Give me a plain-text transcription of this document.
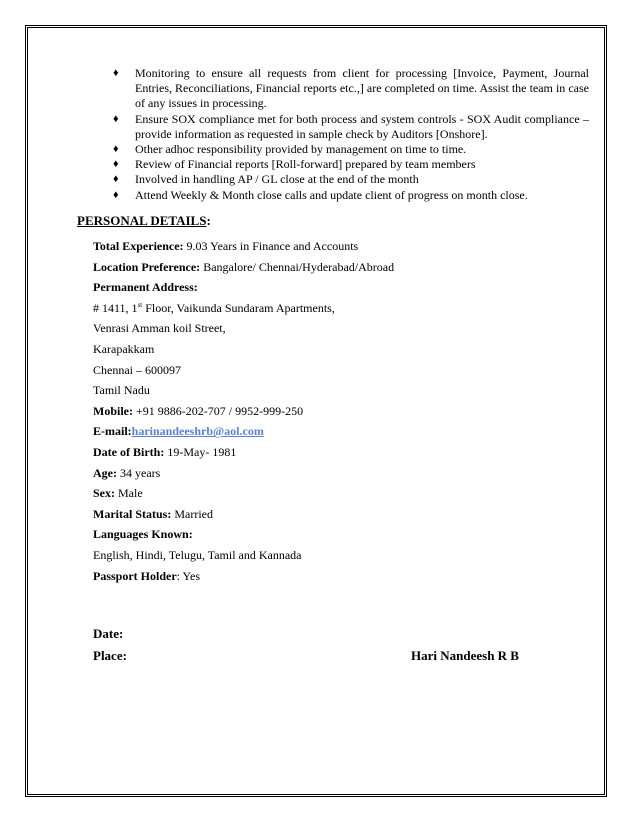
♦ Monitoring to ensure all requests from client for processing [Invoice, Payment, Journal Entries, Reconciliations, Financial reports etc.,] are completed on time. Assist the team in case of any issues in processing.
♦ Ensure SOX compliance met for both process and system controls - SOX Audit compliance – provide information as requested in sample check by Auditors [Onshore].
♦ Other adhoc responsibility provided by management on time to time.
♦ Review of Financial reports [Roll-forward] prepared by team members
♦ Involved in handling AP / GL close at the end of the month
♦ Attend Weekly & Month close calls and update client of progress on month close.
PERSONAL DETAILS:
Total Experience: 9.03 Years in Finance and Accounts
Location Preference: Bangalore/ Chennai/Hyderabad/Abroad
Permanent Address:
# 1411, 1st Floor, Vaikunda Sundaram Apartments,
Venrasi Amman koil Street,
Karapakkam
Chennai – 600097
Tamil Nadu
Mobile: +91 9886-202-707 / 9952-999-250
E-mail:harinandeeshrb@aol.com
Date of Birth: 19-May- 1981
Age: 34 years
Sex: Male
Marital Status: Married
Languages Known:
English, Hindi, Telugu, Tamil and Kannada
Passport Holder: Yes
Date:
Place:	Hari Nandeesh R B
